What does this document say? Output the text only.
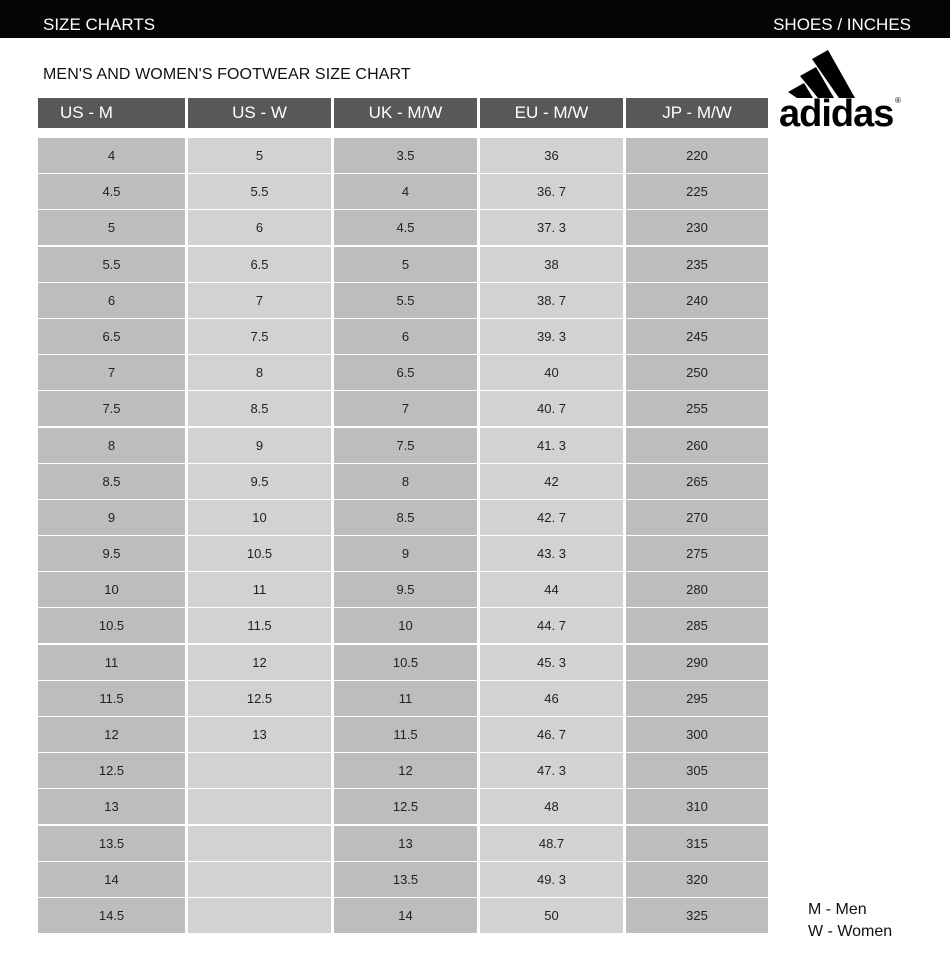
SIZE CHARTS	SHOES / INCHES
MEN'S AND WOMEN'S FOOTWEAR SIZE CHART
US - M
4
4.5
5
5.5
6
6.5
7
7.5
8
8.5
9
9.5
10
10.5
11
11.5
12
12.5
13
13.5
14
14.5
US - W
5
5.5
6
6.5
7
7.5
8
8.5
9
9.5
10
10.5
11
11.5
12
12.5
13
UK - M/W
3.5
4
4.5
5
5.5
6
6.5
7
7.5
8
8.5
9
9.5
10
10.5
11
11.5
12
12.5
13
13.5
14
EU - M/W
36
36. 7
37. 3
38
38. 7
39. 3
40
40. 7
41. 3
42
42. 7
43. 3
44
44. 7
45. 3
46
46. 7
47. 3
48
48.7
49. 3
50
JP - M/W
220
225
230
235
240
245
250
255
260
265
270
275
280
285
290
295
300
305
310
315
320
325
adidas ®
M - Men
W - Women
